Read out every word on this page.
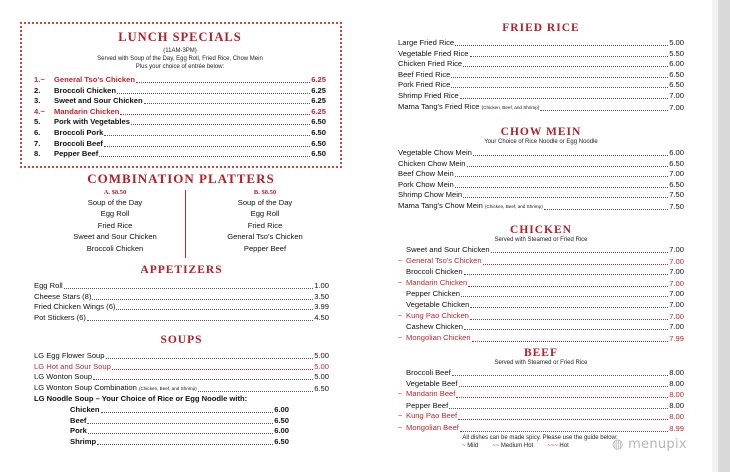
LUNCH SPECIALS
(11AM-3PM)
Served with Soup of the Day, Egg Roll, Fried Rice, Chow Mein
Plus your choice of entrée below:
1.~ General Tso's Chicken	6.25
2. Broccoli Chicken	6.25
3. Sweet and Sour Chicken	6.25
4.~ Mandarin Chicken	6.25
5. Pork with Vegetables	6.50
6. Broccoli Pork	6.50
7. Broccoli Beef	6.50
8. Pepper Beef	6.50
COMBINATION PLATTERS
A. $8.50
Soup of the Day
Egg Roll
Fried Rice
Sweet and Sour Chicken
Broccoli Chicken
B. $8.50
Soup of the Day
Egg Roll
Fried Rice
General Tso's Chicken
Pepper Beef
APPETIZERS
Egg Roll	1.00
Cheese Stars (8)	3.50
Fried Chicken Wings (6)	3.99
Pot Stickers (6)	4.50
SOUPS
LG Egg Flower Soup	5.00
LG Hot and Sour Soup	5.00
LG Wonton Soup	5.00
LG Wonton Soup Combination (Chicken, Beef, and Shrimp)	6.50
LG Noodle Soup – Your Choice of Rice or Egg Noodle with:
Chicken	6.00
Beef	6.50
Pork	6.00
Shrimp	6.50
FRIED RICE
Large Fried Rice	5.00
Vegetable Fried Rice	5.50
Chicken Fried Rice	6.00
Beef Fried Rice	6.50
Pork Fried Rice	6.50
Shrimp Fried Rice	7.00
Mama Tang's Fried Rice (Chicken, Beef, and Shrimp)	7.00
CHOW MEIN
Your Choice of Rice Noodle or Egg Noodle
Vegetable Chow Mein	6.00
Chicken Chow Mein	6.50
Beef Chow Mein	7.00
Pork Chow Mein	6.50
Shrimp Chow Mein	7.50
Mama Tang's Chow Mein (Chicken, Beef, and Shrimp)	7.50
CHICKEN
Served with Steamed or Fried Rice
Sweet and Sour Chicken	7.00
~ General Tso's Chicken	7.00
Broccoli Chicken	7.00
~ Mandarin Chicken	7.00
Pepper Chicken	7.00
Vegetable Chicken	7.00
~ Kung Pao Chicken	7.00
Cashew Chicken	7.00
~ Mongolian Chicken	7.99
BEEF
Served with Steamed or Fried Rice
Broccoli Beef	8.00
Vegetable Beef	8.00
~ Mandarin Beef	8.00
Pepper Beef	8.00
~ Kung Pao Beef	8.00
~ Mongolian Beef	8.99
All dishes can be made spicy. Please use the guide below:
~ Mild ~~ Medium Hot ~~~ Hot	◍ menupix
